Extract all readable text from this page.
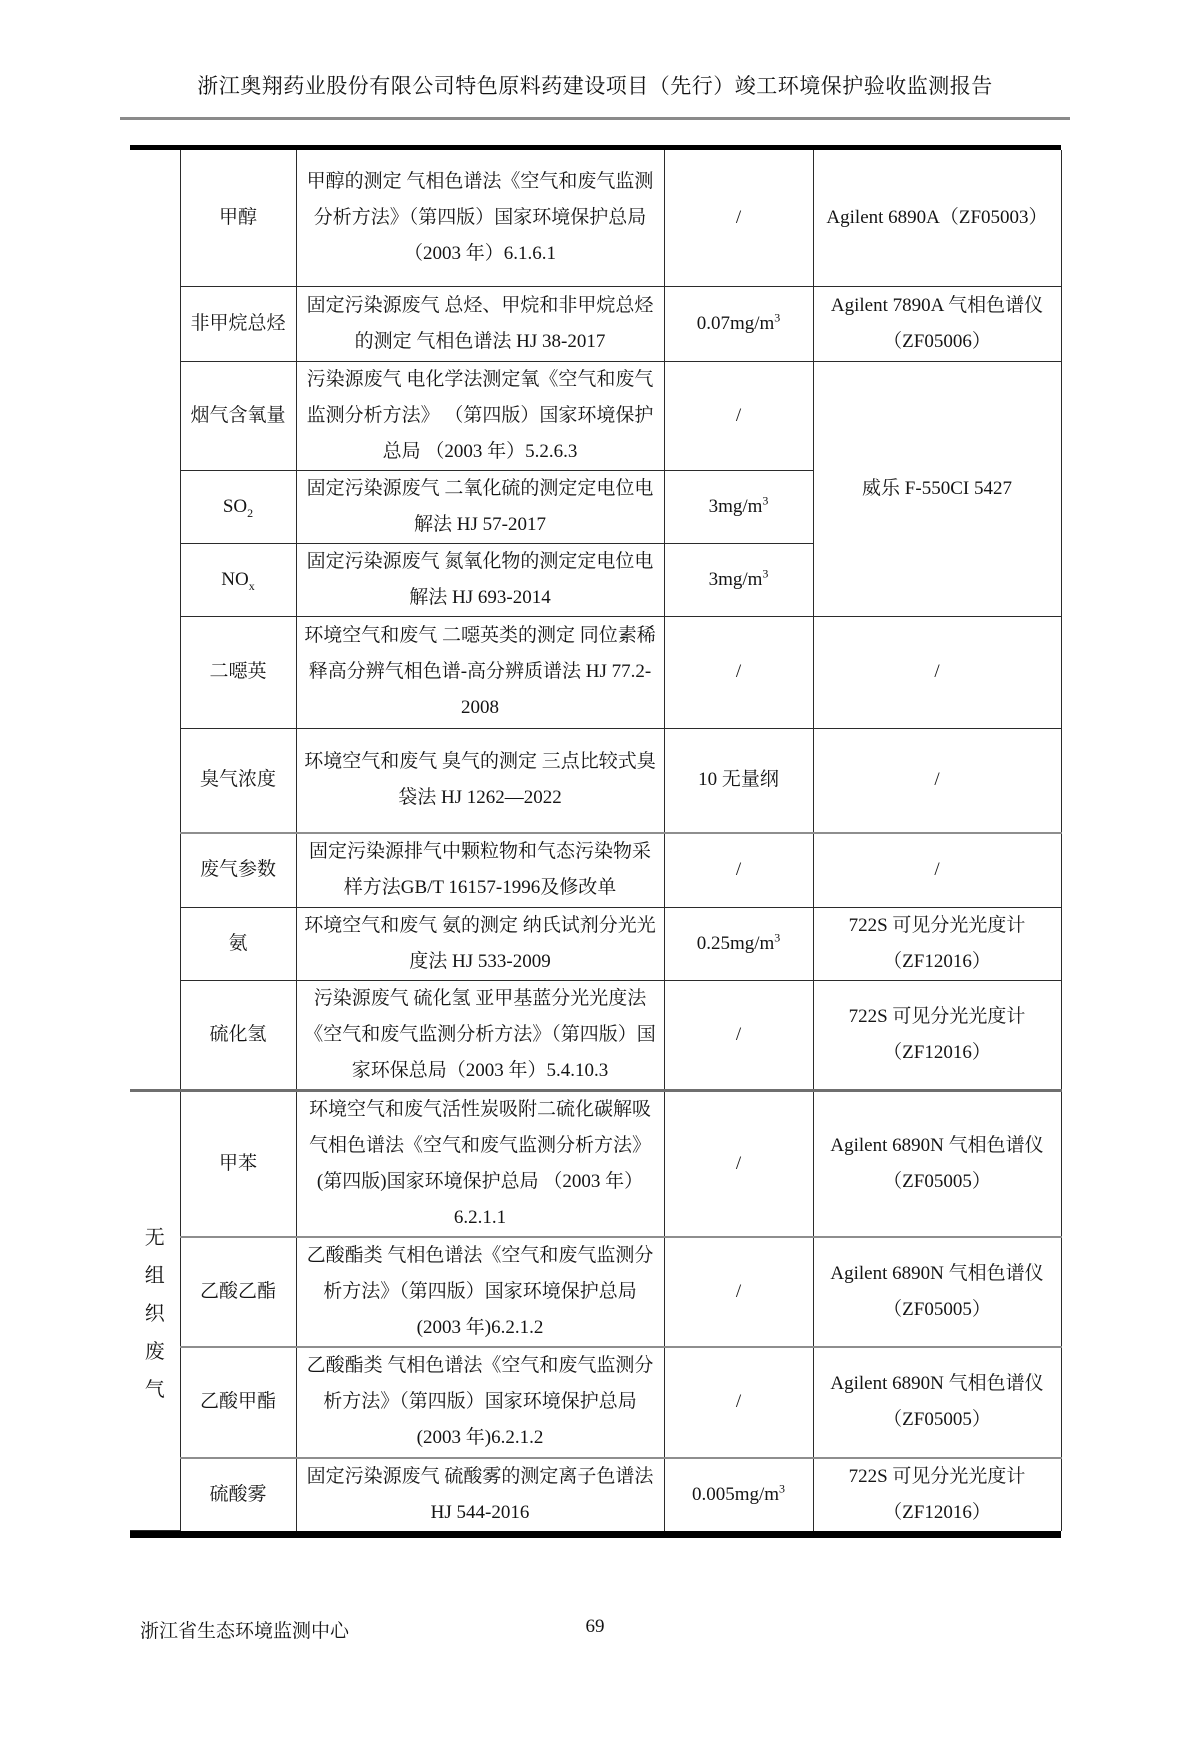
浙江奥翔药业股份有限公司特色原料药建设项目（先行）竣工环境保护验收监测报告
	甲醇	甲醇的测定 气相色谱法《空气和废气监测分析方法》（第四版）国家环境保护总局（2003 年）6.1.6.1	/	Agilent 6890A（ZF05003）
	非甲烷总烃	固定污染源废气 总烃、甲烷和非甲烷总烃的测定 气相色谱法 HJ 38-2017	$0.07mg/m^3$	Agilent 7890A 气相色谱仪（ZF05006）
	烟气含氧量	污染源废气 电化学法测定氧《空气和废气监测分析方法》 （第四版）国家环境保护总局 （2003 年）5.2.6.3	/	威乐 F-550CI 5427
	$SO_2$	固定污染源废气 二氧化硫的测定定电位电解法 HJ 57-2017	$3mg/m^3$
	$NO_x$	固定污染源废气 氮氧化物的测定定电位电解法 HJ 693-2014	$3mg/m^3$
	二噁英	环境空气和废气 二噁英类的测定 同位素稀释高分辨气相色谱-高分辨质谱法 HJ 77.2-2008	/	/
	臭气浓度	环境空气和废气 臭气的测定 三点比较式臭袋法 HJ 1262—2022	10 无量纲	/
	废气参数	固定污染源排气中颗粒物和气态污染物采样方法GB/T 16157-1996及修改单	/	/
	氨	环境空气和废气 氨的测定 纳氏试剂分光光度法 HJ 533-2009	$0.25mg/m^3$	722S 可见分光光度计（ZF12016）
	硫化氢	污染源废气 硫化氢 亚甲基蓝分光光度法《空气和废气监测分析方法》（第四版）国家环保总局（2003 年）5.4.10.3	/	722S 可见分光光度计（ZF12016）

无
组
织
废
气	甲苯	环境空气和废气活性炭吸附二硫化碳解吸气相色谱法《空气和废气监测分析方法》 (第四版)国家环境保护总局 （2003 年）6.2.1.1	/	Agilent 6890N 气相色谱仪（ZF05005）
	乙酸乙酯	乙酸酯类 气相色谱法《空气和废气监测分析方法》（第四版）国家环境保护总局(2003 年)6.2.1.2	/	Agilent 6890N 气相色谱仪（ZF05005）
	乙酸甲酯	乙酸酯类 气相色谱法《空气和废气监测分析方法》（第四版）国家环境保护总局 (2003 年)6.2.1.2	/	Agilent 6890N 气相色谱仪（ZF05005）
	硫酸雾	固定污染源废气 硫酸雾的测定离子色谱法 HJ 544-2016	$0.005mg/m^3$	722S 可见分光光度计（ZF12016）
浙江省生态环境监测中心	69
